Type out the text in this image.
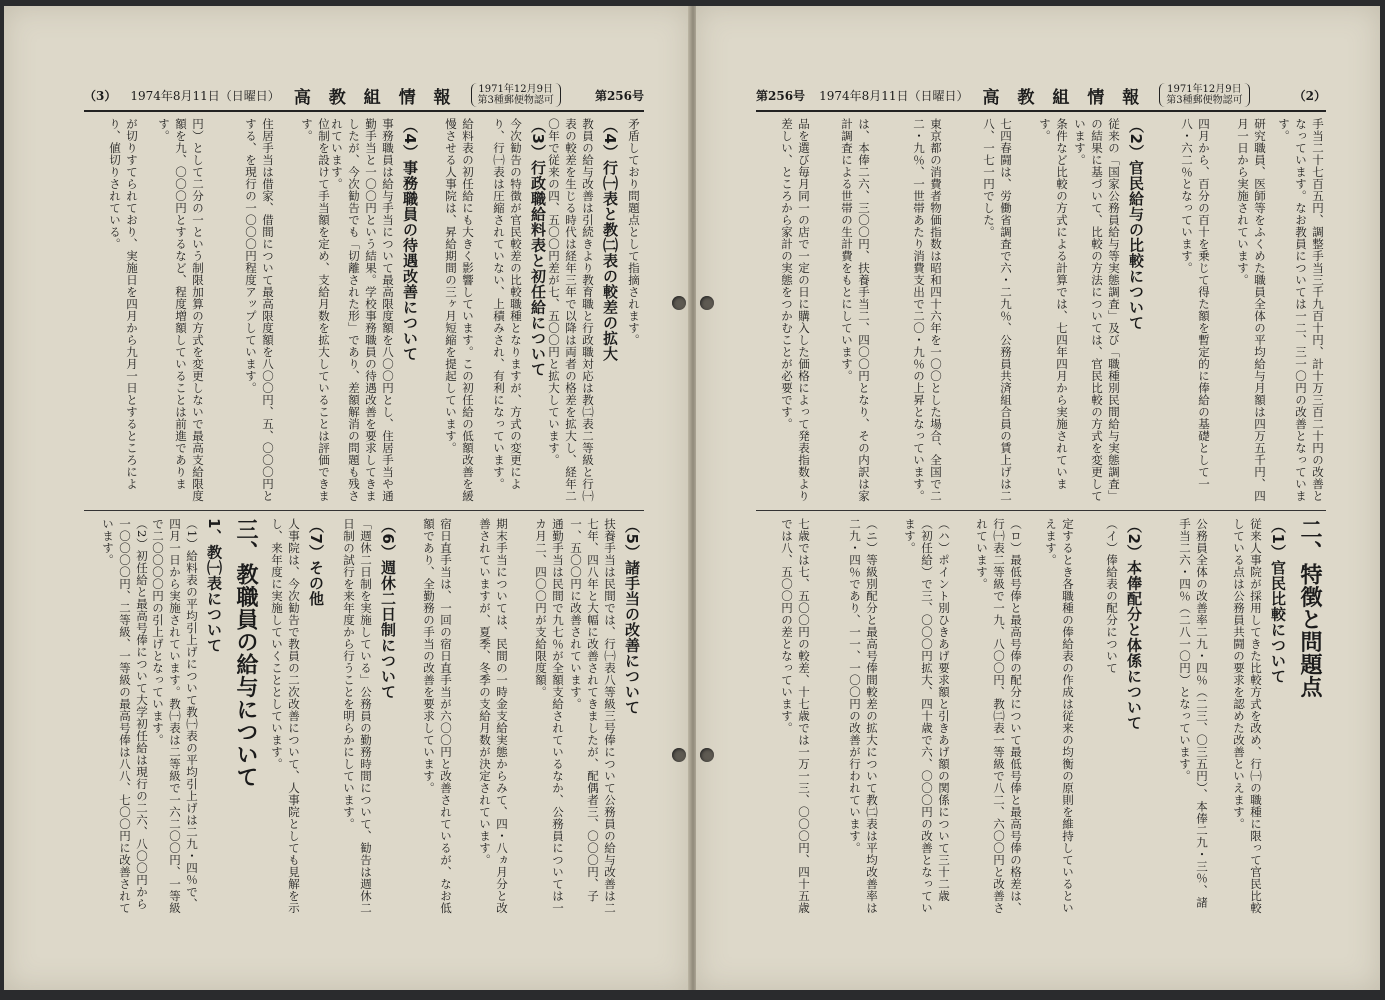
（3） 1974年8月11日（日曜日） 高 教 組 情 報	1971年12月9日
第3種郵便物認可	第256号

矛盾しており問題点として指摘されます。

（4）行㈠表と教㈡表の較差の拡大

教員の給与改善は引続きより教育職と行政職対応は教㈡表二等級と行㈠表の較差を生じる時代は経年三年で以降は両者の格差を拡大し、経年二〇年で従来の四、五〇〇円差が七、五〇〇円と拡大しています。

（3）行政職給料表と初任給について

今次勧告の特徴が官民較差の比較職種となりますが、方式の変更により、行㈠表は圧縮されていない、上積みされ、有利になっています。

給料表の初任給にも大きく影響しています。この初任給の低額改善を緩慢させる人事院は、昇給期間の三ヶ月短縮を提起しています。

（4）事務職員の待遇改善について

事務職員は給与手当について最高限度額を八〇〇円とし、住居手当や通勤手当と一〇〇円という結果。学校事務職員の待遇改善を要求してきましたが、今次勧告でも「切離された形」であり、差額解消の問題も残されています。

位制を設けて手当額を定め、支給月数を拡大していることは評価できます。

住居手当は借家、借間について最高限度額を八〇〇円、五、〇〇〇円とする、を現行の一〇〇〇円程度アップしています。

円）として二分の一という制限加算の方式を変更しないで最高支給限度額を九、〇〇〇円とするなど、程度増額していることは前進であります。

が切りすてられており、実施日を四月から九月一日とするところにより、値切りされている。

（5）諸手当の改善について

扶養手当は民間では、行㈠表八等級三号俸について公務員の給与改善は二七年、四八年と大幅に改善されてきましたが、配偶者三、〇〇〇円、子一、五〇〇円に改善されています。

通勤手当は民間で九七％が全額支給されているなか、公務員については一カ月二、四〇〇円が支給限度額。

期末手当については、民間の一時金支給実態からみて、四・八ヵ月分と改善されていますが、夏季、冬季の支給月数が決定されています。

宿日直手当は、一回の宿日直手当が六〇〇円と改善されているが、なお低額であり、全勤務の手当の改善を要求しています。

（6）週休二日制について

「週休二日制を実施している」公務員の勤務時間について、勧告は週休二日制の試行を来年度から行うことを明らかにしています。

（7）その他

人事院は、今次勧告で教員の二次改善について、人事院としても見解を示し、来年度に実施していくこととしています。

三、教職員の給与について
1、教㈠表について

（1）給料表の平均引上げについて教㈠表の平均引上げは二九・四％で、四月一日から実施されています。教㈠表は二等級で一六二〇〇円、一等級で二〇〇〇〇円の引上げとなっています。

（2）初任給と最高号俸について大学初任給は現行の二六、八〇〇円から一〇〇〇〇円、二等級、一等級の最高号俸は八八、七〇〇円に改善されています。

第256号 1974年8月11日（日曜日） 高 教 組 情 報	1971年12月9日
第3種郵便物認可	（2）

手当二十七百五円、調整手当三千九百十円、計十万三百二十円の改善となっています。なお教員については一二、三一〇円の改善となっています。

研究職員、医師等をふくめた職員全体の平均給与月額は四万五千円、四月一日から実施されています。

四月から、百分の百十を乗じて得た額を暫定的に俸給の基礎として一八・六二％となっています。

（2）官民給与の比較について

従来の「国家公務員給与等実態調査」及び「職種別民間給与実態調査」の結果に基づいて、比較の方法については、官民比較の方式を変更しています。

条件など比較の方式による計算では、七四年四月から実施されています。

七四春闘は、労働省調査で六・二九％、公務員共済組合員の賃上げは二八、一七一円でした。

東京都の消費者物価指数は昭和四十六年を一〇〇とした場合、全国で二二・九％、一世帯あたり消費支出で二〇・九％の上昇となっています。

は、本俸二六、三〇〇円、扶養手当二、四〇〇円となり、その内訳は家計調査による世帯の生計費をもとにしています。

品を選び毎月同一の店で一定の日に購入した価格によって発表指数より差しい、ところから家計の実態をつかむことが必要です。

二、特徴と問題点
（1）官民比較について

従来人事院が採用してきた比較方式を改め、行㈠の職種に限って官民比較している点は公務員共闘の要求を認めた改善といえます。

公務員全体の改善率二九・四％（二三、〇三五円）、本俸二九・三％、諸手当二六・四％（二八一〇円）となっています。

（2）本俸配分と体係について

（イ）俸給表の配分について

定するとき各職種の俸給表の作成は従来の均衡の原則を維持しているといえます。

（ロ）最低号俸と最高号俸の配分について最低号俸と最高号俸の格差は、行㈠表二等級で一九、八〇〇円、教㈡表一等級で八二、六〇〇円と改善されています。

（ハ）ポイント別ひきあげ要求額と引きあげ額の関係について三十二歳（初任給）で三、〇〇〇円拡大、四十歳で六、〇〇〇円の改善となっています。

（ニ）等級別配分と最高号俸間較差の拡大について教㈡表は平均改善率は二九・四％であり、一一、一〇〇円の改善が行われています。

七歳では七、五〇〇円の較差、十七歳では一万一三、〇〇〇円、四十五歳では八、五〇〇円の差となっています。
